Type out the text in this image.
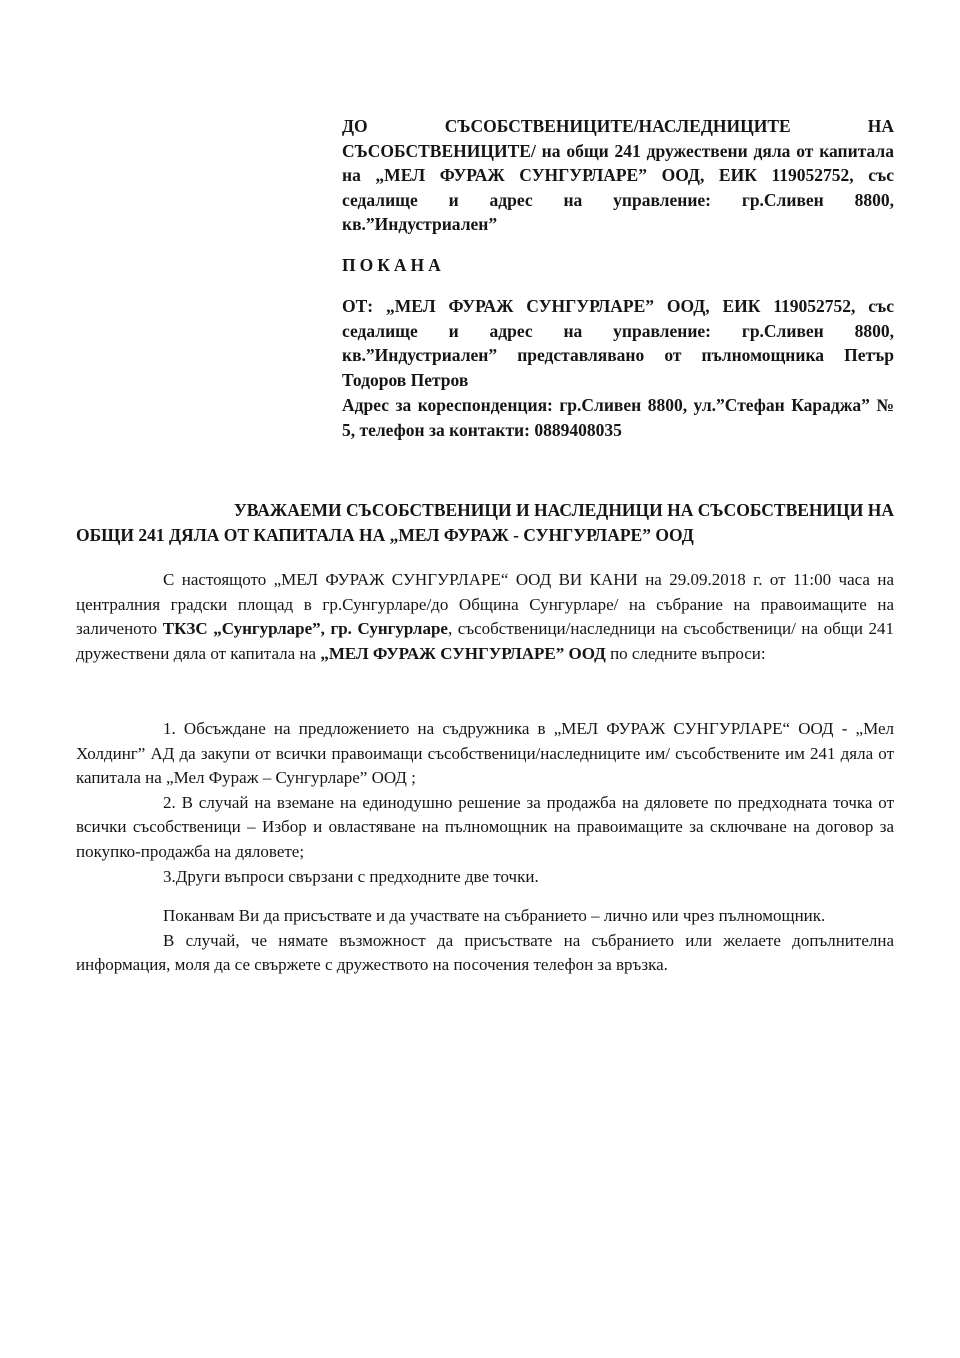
ДО	СЪСОБСТВЕНИЦИТЕ/НАСЛЕДНИЦИТЕ	НА
СЪСОБСТВЕНИЦИТЕ/ на общи 241 дружествени дяла от капитала на „МЕЛ ФУРАЖ СУНГУРЛАРЕ” ООД, ЕИК 119052752, със седалище и адрес на управление: гр.Сливен 8800, кв.”Индустриален”
ПОКАНА
ОТ: „МЕЛ ФУРАЖ СУНГУРЛАРЕ” ООД, ЕИК 119052752, със
седалище и адрес на управление: гр.Сливен 8800,
кв.”Индустриален” представлявано от пълномощника Петър Тодоров Петров
Адрес за кореспонденция: гр.Сливен 8800, ул.”Стефан Караджа” № 5, телефон за контакти: 0889408035
УВАЖАЕМИ СЪСОБСТВЕНИЦИ И НАСЛЕДНИЦИ НА СЪСОБСТВЕНИЦИ НА
ОБЩИ 241 ДЯЛА ОТ КАПИТАЛА НА „МЕЛ ФУРАЖ - СУНГУРЛАРЕ” ООД

С настоящото „МЕЛ ФУРАЖ СУНГУРЛАРЕ“ ООД ВИ КАНИ на 29.09.2018 г. от 11:00 часа на централния градски площад в гр.Сунгурларе/до Община Сунгурларе/ на събрание на правоимащите на заличеното ТКЗС „Сунгурларе”, гр. Сунгурларе, съсобственици/наследници на съсобственици/ на общи 241 дружествени дяла от капитала на „МЕЛ ФУРАЖ СУНГУРЛАРЕ” ООД по следните въпроси:

1. Обсъждане на предложението на съдружника в „МЕЛ ФУРАЖ СУНГУРЛАРЕ“ ООД - „Мел Холдинг” АД да закупи от всички правоимащи съсобственици/наследниците им/ съсобствените им 241 дяла от капитала на „Мел Фураж – Сунгурларе” ООД ;

2. В случай на вземане на единодушно решение за продажба на дяловете по предходната точка от всички съсобственици – Избор и овластяване на пълномощник на правоимащите за сключване на договор за покупко-продажба на дяловете;

3.Други въпроси свързани с предходните две точки.

Поканвам Ви да присъствате и да участвате на събранието – лично или чрез пълномощник.

В случай, че нямате възможност да присъствате на събранието или желаете допълнителна информация, моля да се свържете с дружеството на посочения телефон за връзка.
